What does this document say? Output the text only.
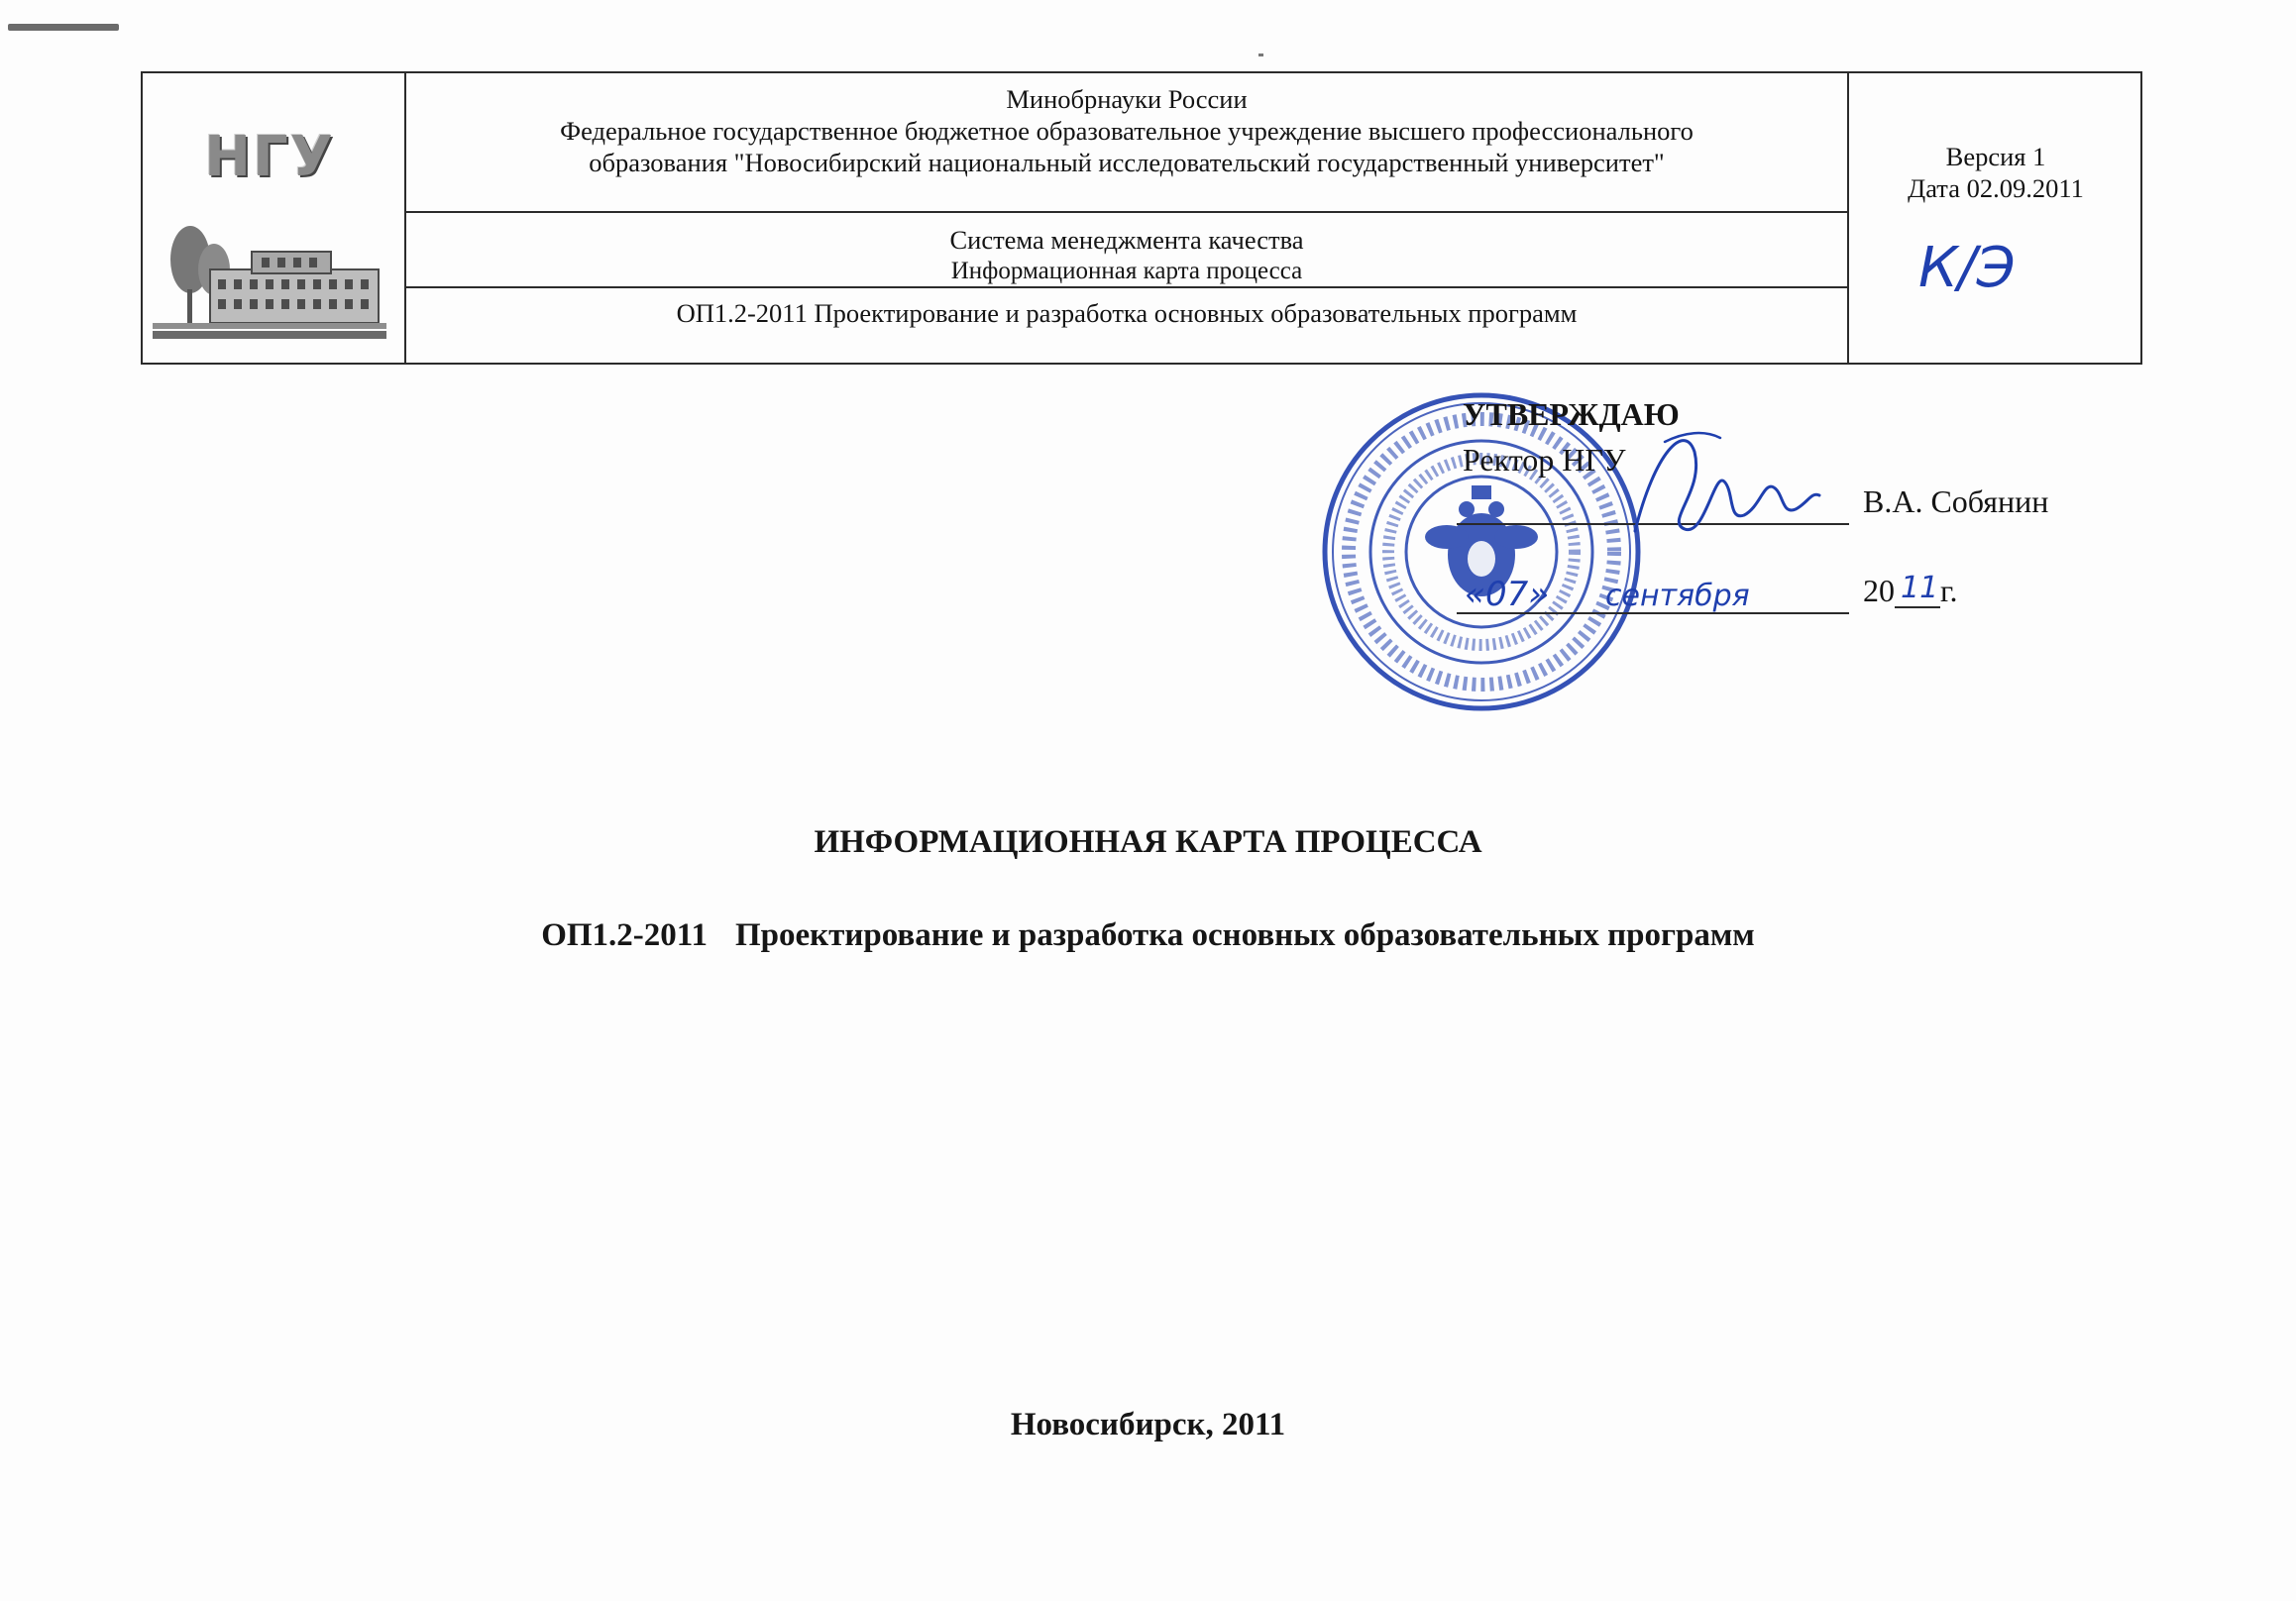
НГУ
Минобрнауки России
Федеральное государственное бюджетное образовательное учреждение высшего профессионального
образования "Новосибирский национальный исследовательский государственный университет"
Система менеджмента качества
Информационная карта процесса
ОП1.2-2011 Проектирование и разработка основных образовательных программ
Версия 1
Дата 02.09.2011
К/Э
УТВЕРЖДАЮ
Ректор НГУ
В.А. Собянин
«07» сентября	20 11 г.
ИНФОРМАЦИОННАЯ КАРТА ПРОЦЕССА
ОП1.2-2011 Проектирование и разработка основных образовательных программ
Новосибирск, 2011
